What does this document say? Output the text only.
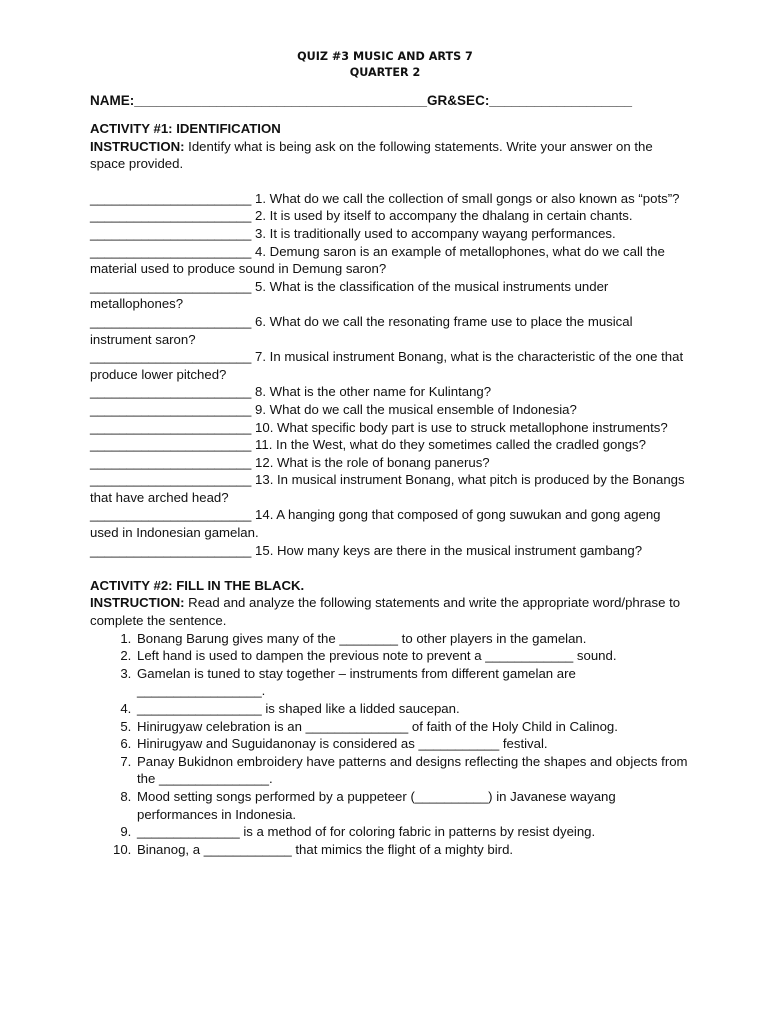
QUIZ #3 MUSIC AND ARTS 7
QUARTER 2
NAME:_______________________________________GR&SEC:___________________
ACTIVITY #1: IDENTIFICATION
INSTRUCTION: Identify what is being ask on the following statements. Write your answer on the space provided.

______________________ 1. What do we call the collection of small gongs or also known as “pots”?

______________________ 2. It is used by itself to accompany the dhalang in certain chants.

______________________ 3. It is traditionally used to accompany wayang performances.

______________________ 4. Demung saron is an example of metallophones, what do we call the material used to produce sound in Demung saron?

______________________ 5. What is the classification of the musical instruments under metallophones?

______________________ 6. What do we call the resonating frame use to place the musical instrument saron?

______________________ 7. In musical instrument Bonang, what is the characteristic of the one that produce lower pitched?

______________________ 8. What is the other name for Kulintang?

______________________ 9. What do we call the musical ensemble of Indonesia?

______________________ 10. What specific body part is use to struck metallophone instruments?

______________________ 11. In the West, what do they sometimes called the cradled gongs?

______________________ 12. What is the role of bonang panerus?

______________________ 13. In musical instrument Bonang, what pitch is produced by the Bonangs that have arched head?

______________________ 14. A hanging gong that composed of gong suwukan and gong ageng used in Indonesian gamelan.

______________________ 15. How many keys are there in the musical instrument gambang?

ACTIVITY #2: FILL IN THE BLACK.
INSTRUCTION: Read and analyze the following statements and write the appropriate word/phrase to complete the sentence.
1. Bonang Barung gives many of the ________ to other players in the gamelan.
2. Left hand is used to dampen the previous note to prevent a ____________ sound.
3. Gamelan is tuned to stay together – instruments from different gamelan are _________________.
4. _________________ is shaped like a lidded saucepan.
5. Hinirugyaw celebration is an ______________ of faith of the Holy Child in Calinog.
6. Hinirugyaw and Suguidanonay is considered as ___________ festival.
7. Panay Bukidnon embroidery have patterns and designs reflecting the shapes and objects from the _______________.
8. Mood setting songs performed by a puppeteer (__________) in Javanese wayang performances in Indonesia.
9. ______________ is a method of for coloring fabric in patterns by resist dyeing.
10. Binanog, a ____________ that mimics the flight of a mighty bird.
